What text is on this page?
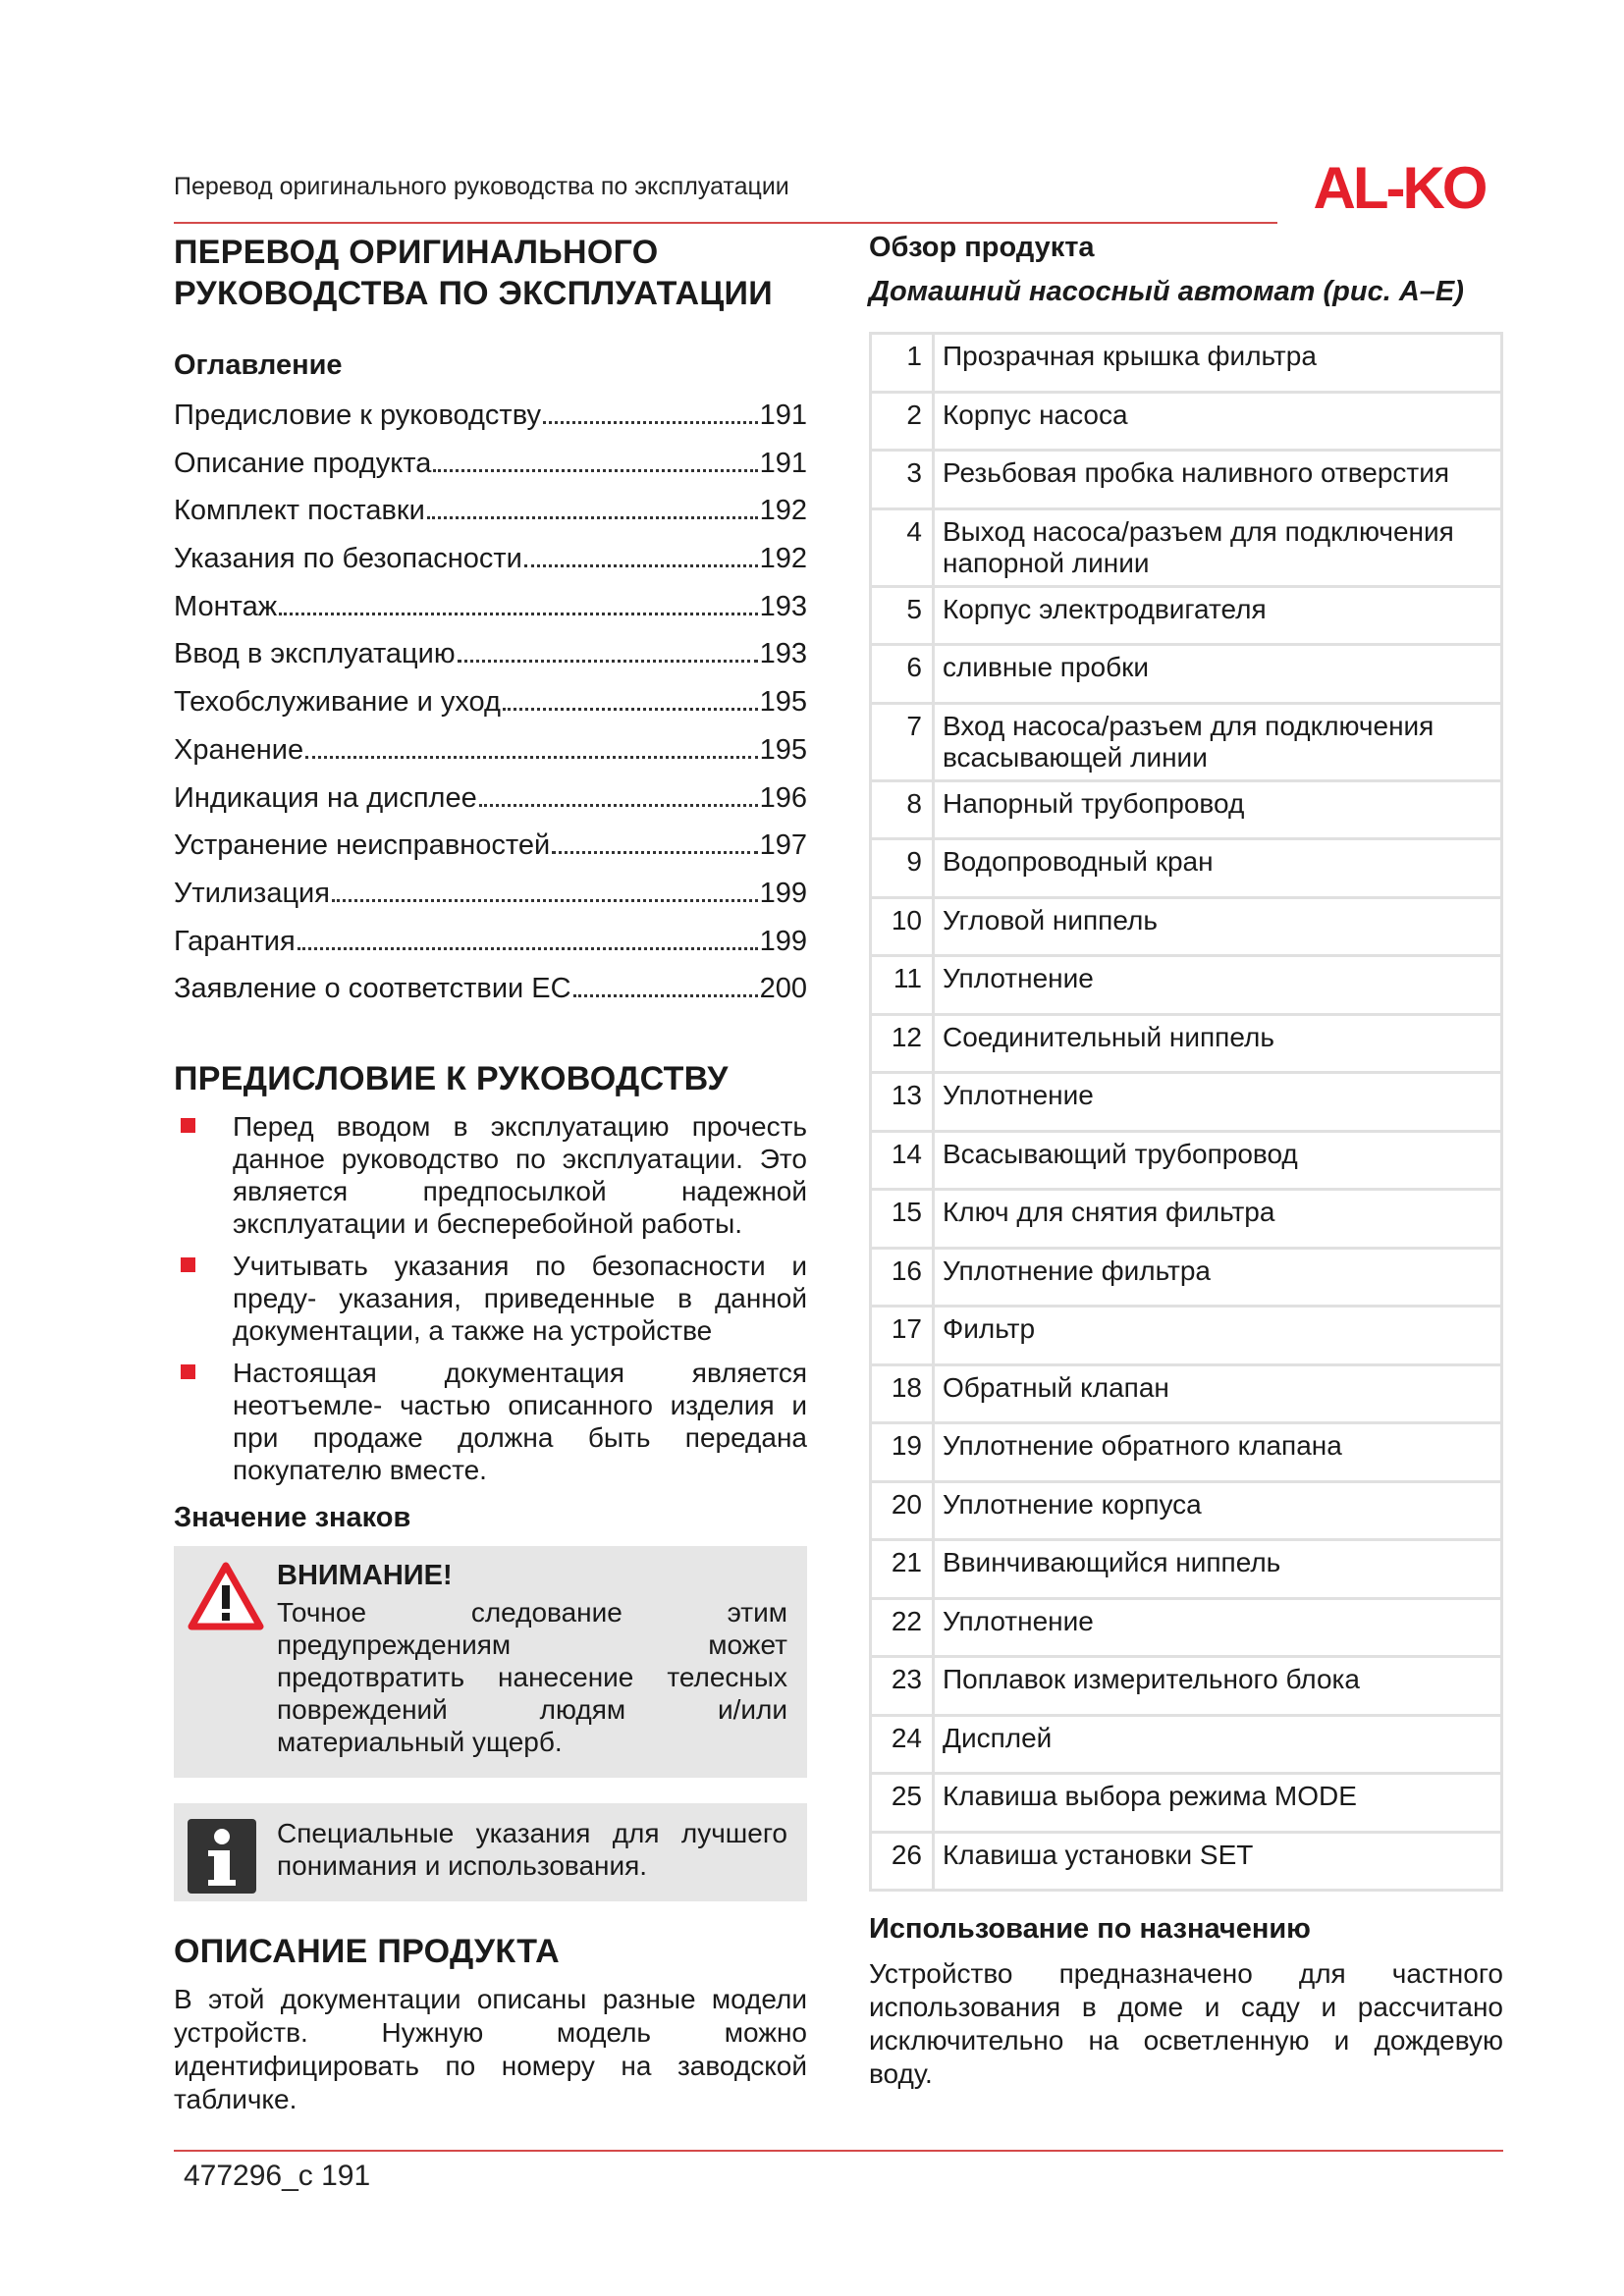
Перевод оригинального руководства по эксплуатации	AL-KO
ПЕРЕВОД ОРИГИНАЛЬНОГО РУКОВОДСТВА ПО ЭКСПЛУАТАЦИИ
Оглавление
Предисловие к руководству	191
Описание продукта	191
Комплект поставки	192
Указания по безопасности	192
Монтаж	193
Ввод в эксплуатацию	193
Техобслуживание и уход	195
Хранение	195
Индикация на дисплее	196
Устранение неисправностей	197
Утилизация	199
Гарантия	199
Заявление о соответствии ЕС	200
ПРЕДИСЛОВИЕ К РУКОВОДСТВУ
Перед вводом в эксплуатацию прочесть данное руководство по эксплуатации. Это является предпосылкой надежной эксплуатации и бесперебойной работы.
Учитывать указания по безопасности и преду- указания, приведенные в данной документации, а также на устройстве
Настоящая документация является неотъемле- частью описанного изделия и при продаже должна быть передана покупателю вместе.
Значение знаков
ВНИМАНИЕ!
Точное следование этим предупреждениям может предотвратить нанесение телесных повреждений людям и/или материальный ущерб.
Специальные указания для лучшего понимания и использования.
ОПИСАНИЕ ПРОДУКТА

В этой документации описаны разные модели устройств. Нужную модель можно идентифицировать по номеру на заводской табличке.

Обзор продукта
Домашний насосный автомат (рис. A–E)
1	Прозрачная крышка фильтра
2	Корпус насоса
3	Резьбовая пробка наливного отверстия
4	Выход насоса/разъем для подключения напорной линии
5	Корпус электродвигателя
6	сливные пробки
7	Вход насоса/разъем для подключения всасывающей линии
8	Напорный трубопровод
9	Водопроводный кран
10	Угловой ниппель
11	Уплотнение
12	Соединительный ниппель
13	Уплотнение
14	Всасывающий трубопровод
15	Ключ для снятия фильтра
16	Уплотнение фильтра
17	Фильтр
18	Обратный клапан
19	Уплотнение обратного клапана
20	Уплотнение корпуса
21	Ввинчивающийся ниппель
22	Уплотнение
23	Поплавок измерительного блока
24	Дисплей
25	Клавиша выбора режима MODE
26	Клавиша установки SET
Использование по назначению

Устройство предназначено для частного использования в доме и саду и рассчитано исключительно на осветленную и дождевую воду.

477296_c 191
